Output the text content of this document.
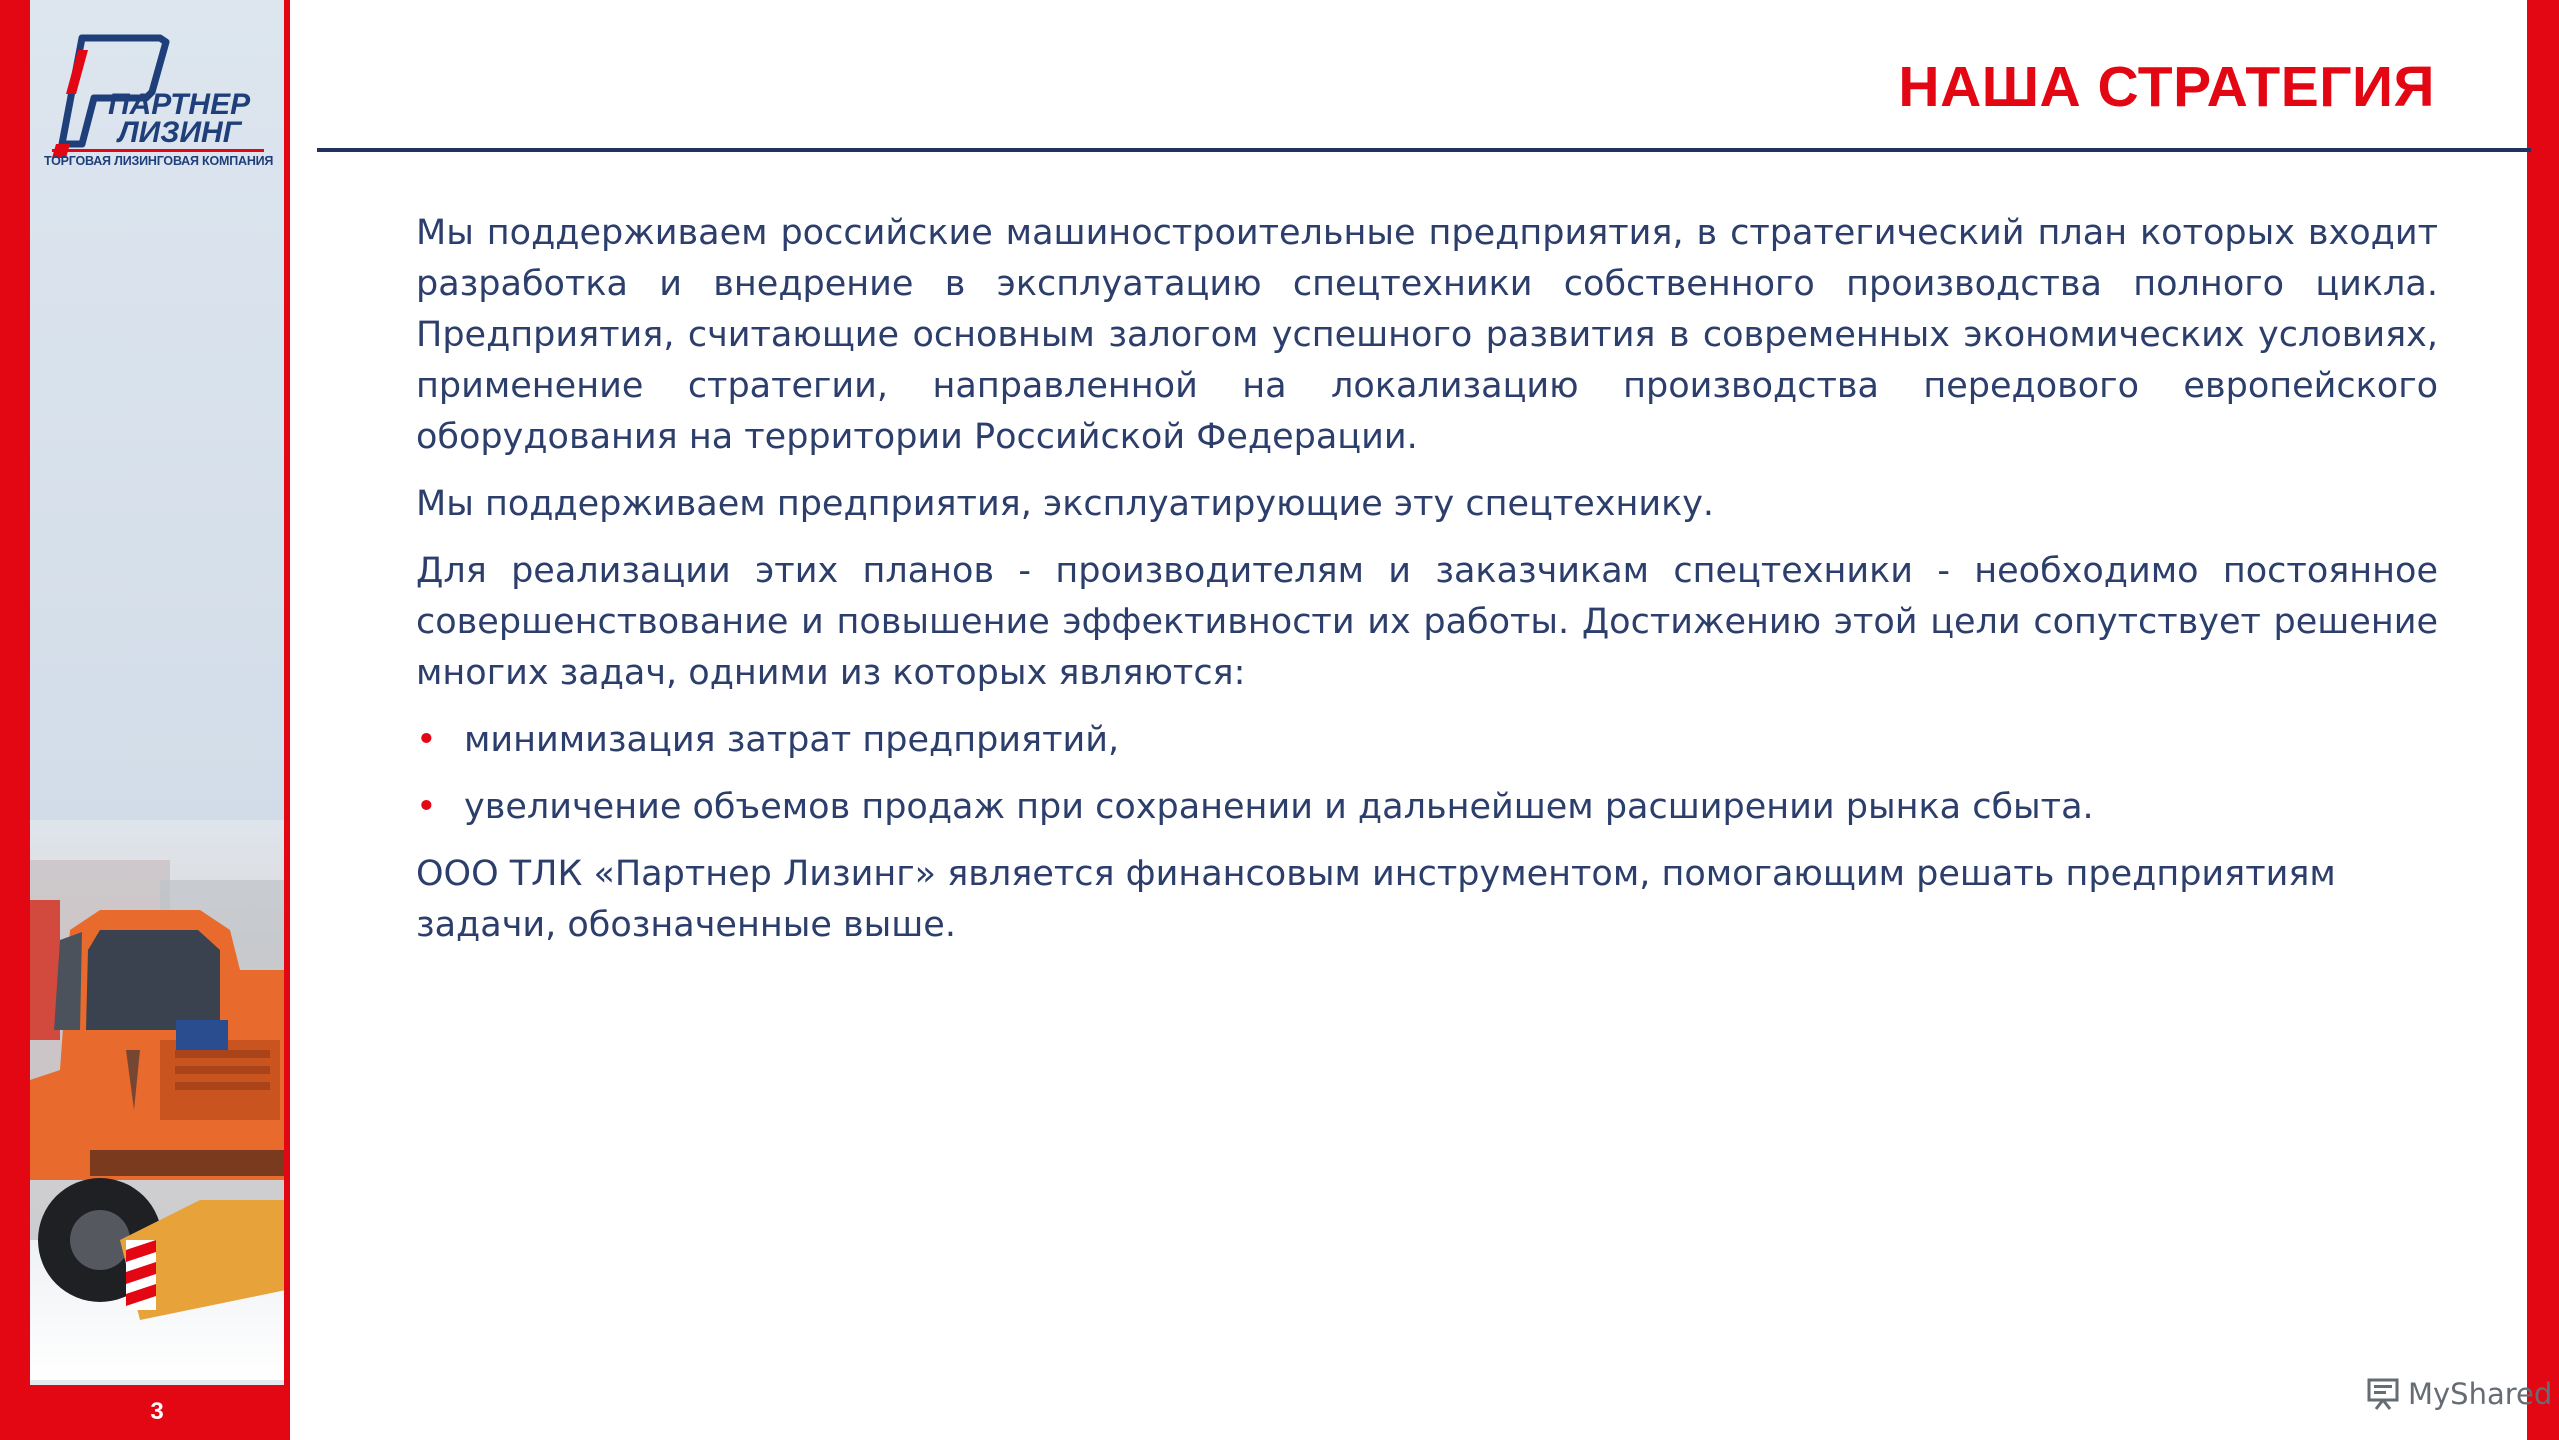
ПАРТНЕР
ЛИЗИНГ
ТОРГОВАЯ ЛИЗИНГОВАЯ КОМПАНИЯ
3
НАША СТРАТЕГИЯ

Мы поддерживаем российские машиностроительные предприятия, в стратегический план которых входит разработка и внедрение в эксплуатацию спецтехники собственного производства полного цикла. Предприятия, считающие основным залогом успешного развития в современных экономических условиях, применение стратегии, направленной на локализацию производства передового европейского оборудования на территории Российской Федерации.

Мы поддерживаем предприятия, эксплуатирующие эту спецтехнику.

Для реализации этих планов - производителям и заказчикам спецтехники - необходимо постоянное совершенствование и повышение эффективности их работы. Достижению этой цели сопутствует решение многих задач, одними из которых являются:

• минимизация затрат предприятий,
• увеличение объемов продаж при сохранении и дальнейшем расширении рынка сбыта.

ООО ТЛК «Партнер Лизинг» является финансовым инструментом, помогающим решать предприятиям задачи, обозначенные выше.

MyShared
